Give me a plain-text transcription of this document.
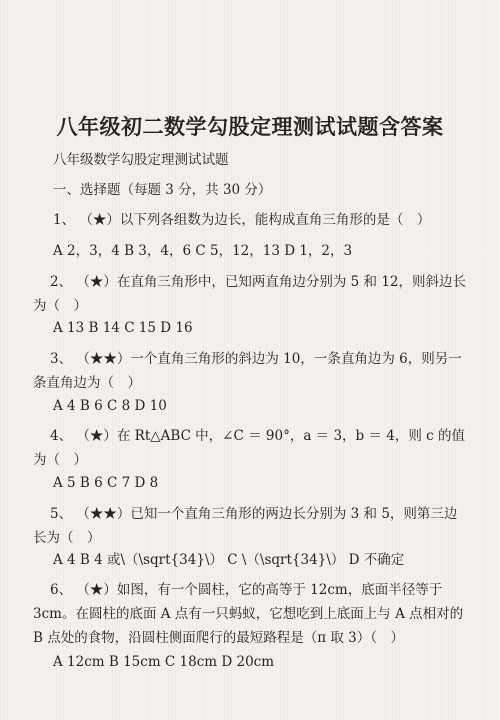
八年级初二数学勾股定理测试试题含答案
八年级数学勾股定理测试试题
一、选择题（每题 3 分，共 30 分）
1、 （★）以下列各组数为边长，能构成直角三角形的是（　）
A 2，3，4 B 3，4，6 C 5，12，13 D 1，2，3
2、 （★）在直角三角形中，已知两直角边分别为 5 和 12，则斜边长为（　）
A 13 B 14 C 15 D 16
3、 （★★）一个直角三角形的斜边为 10，一条直角边为 6，则另一条直角边为（　）
A 4 B 6 C 8 D 10
4、 （★）在 Rt△ABC 中，∠C ＝ 90°，a ＝ 3，b ＝ 4，则 c 的值为（　）
A 5 B 6 C 7 D 8
5、 （★★）已知一个直角三角形的两边长分别为 3 和 5，则第三边长为（　）
A 4 B 4 或\（\sqrt{34}\） C \（\sqrt{34}\） D 不确定
6、 （★）如图，有一个圆柱，它的高等于 12cm，底面半径等于 3cm。在圆柱的底面 A 点有一只蚂蚁，它想吃到上底面上与 A 点相对的 B 点处的食物，沿圆柱侧面爬行的最短路程是（π 取 3）（　）
A 12cm B 15cm C 18cm D 20cm
